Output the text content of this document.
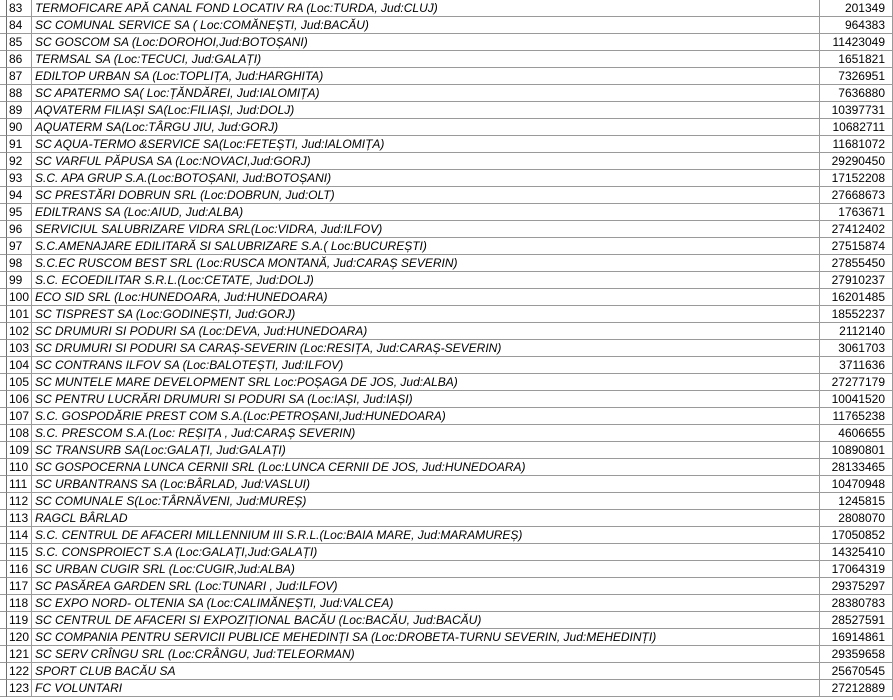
83	TERMOFICARE APĂ CANAL FOND LOCATIV RA (Loc:TURDA, Jud:CLUJ)	201349
84	SC COMUNAL SERVICE SA ( Loc:COMĂNEȘTI, Jud:BACĂU)	964383
85	SC GOSCOM SA (Loc:DOROHOI,Jud:BOTOȘANI)	11423049
86	TERMSAL SA (Loc:TECUCI, Jud:GALAȚI)	1651821
87	EDILTOP URBAN SA (Loc:TOPLIȚA, Jud:HARGHITA)	7326951
88	SC APATERMO SA( Loc:ȚĂNDĂREI, Jud:IALOMIȚA)	7636880
89	AQVATERM FILIAȘI SA(Loc:FILIAȘI, Jud:DOLJ)	10397731
90	AQUATERM SA(Loc:TÂRGU JIU, Jud:GORJ)	10682711
91	SC AQUA-TERMO &SERVICE SA(Loc:FETEȘTI, Jud:IALOMIȚA)	11681072
92	SC VARFUL PĂPUSA SA (Loc:NOVACI,Jud:GORJ)	29290450
93	S.C. APA GRUP S.A.(Loc:BOTOȘANI, Jud:BOTOȘANI)	17152208
94	SC PRESTĂRI DOBRUN SRL (Loc:DOBRUN, Jud:OLT)	27668673
95	EDILTRANS SA (Loc:AIUD, Jud:ALBA)	1763671
96	SERVICIUL SALUBRIZARE VIDRA SRL(Loc:VIDRA, Jud:ILFOV)	27412402
97	S.C.AMENAJARE EDILITARĂ SI SALUBRIZARE S.A.( Loc:BUCUREȘTI)	27515874
98	S.C.EC RUSCOM BEST SRL (Loc:RUSCA MONTANĂ, Jud:CARAȘ SEVERIN)	27855450
99	S.C. ECOEDILITAR S.R.L.(Loc:CETATE, Jud:DOLJ)	27910237
100 ECO SID SRL (Loc:HUNEDOARA, Jud:HUNEDOARA)	16201485
101 SC TISPREST SA (Loc:GODINEȘTI, Jud:GORJ)	18552237
102 SC DRUMURI SI PODURI SA (Loc:DEVA, Jud:HUNEDOARA)	2112140
103 SC DRUMURI SI PODURI SA CARAȘ-SEVERIN (Loc:RESIȚA, Jud:CARAȘ-SEVERIN)	3061703
104 SC CONTRANS ILFOV SA (Loc:BALOTEȘTI, Jud:ILFOV)	3711636
105 SC MUNTELE MARE DEVELOPMENT SRL Loc:POȘAGA DE JOS, Jud:ALBA)	27277179
106 SC PENTRU LUCRĂRI DRUMURI SI PODURI SA (Loc:IAȘI, Jud:IAȘI)	10041520
107 S.C. GOSPODĂRIE PREST COM S.A.(Loc:PETROȘANI,Jud:HUNEDOARA)	11765238
108 S.C. PRESCOM S.A.(Loc: REȘIȚA , Jud:CARAȘ SEVERIN)	4606655
109 SC TRANSURB SA(Loc:GALAȚI, Jud:GALAȚI)	10890801
110 SC GOSPOCERNA LUNCA CERNII SRL (Loc:LUNCA CERNII DE JOS, Jud:HUNEDOARA)	28133465
111 SC URBANTRANS SA (Loc:BÂRLAD, Jud:VASLUI)	10470948
112 SC COMUNALE S(Loc:TÂRNĂVENI, Jud:MUREȘ)	1245815
113 RAGCL BÂRLAD	2808070
114 S.C. CENTRUL DE AFACERI MILLENNIUM III S.R.L.(Loc:BAIA MARE, Jud:MARAMUREȘ)	17050852
115 S.C. CONSPROIECT S.A (Loc:GALAȚI,Jud:GALAȚI)	14325410
116 SC URBAN CUGIR SRL (Loc:CUGIR,Jud:ALBA)	17064319
117 SC PASĂREA GARDEN SRL (Loc:TUNARI , Jud:ILFOV)	29375297
118 SC EXPO NORD- OLTENIA SA (Loc:CALIMĂNEȘTI, Jud:VALCEA)	28380783
119 SC CENTRUL DE AFACERI SI EXPOZIȚIONAL BACĂU (Loc:BACĂU, Jud:BACĂU)	28527591
120 SC COMPANIA PENTRU SERVICII PUBLICE MEHEDINȚI SA (Loc:DROBETA-TURNU SEVERIN, Jud:MEHEDINȚI)	16914861
121 SC SERV CRÎNGU SRL (Loc:CRÂNGU, Jud:TELEORMAN)	29359658
122 SPORT CLUB BACĂU SA	25670545
123 FC VOLUNTARI	27212889
